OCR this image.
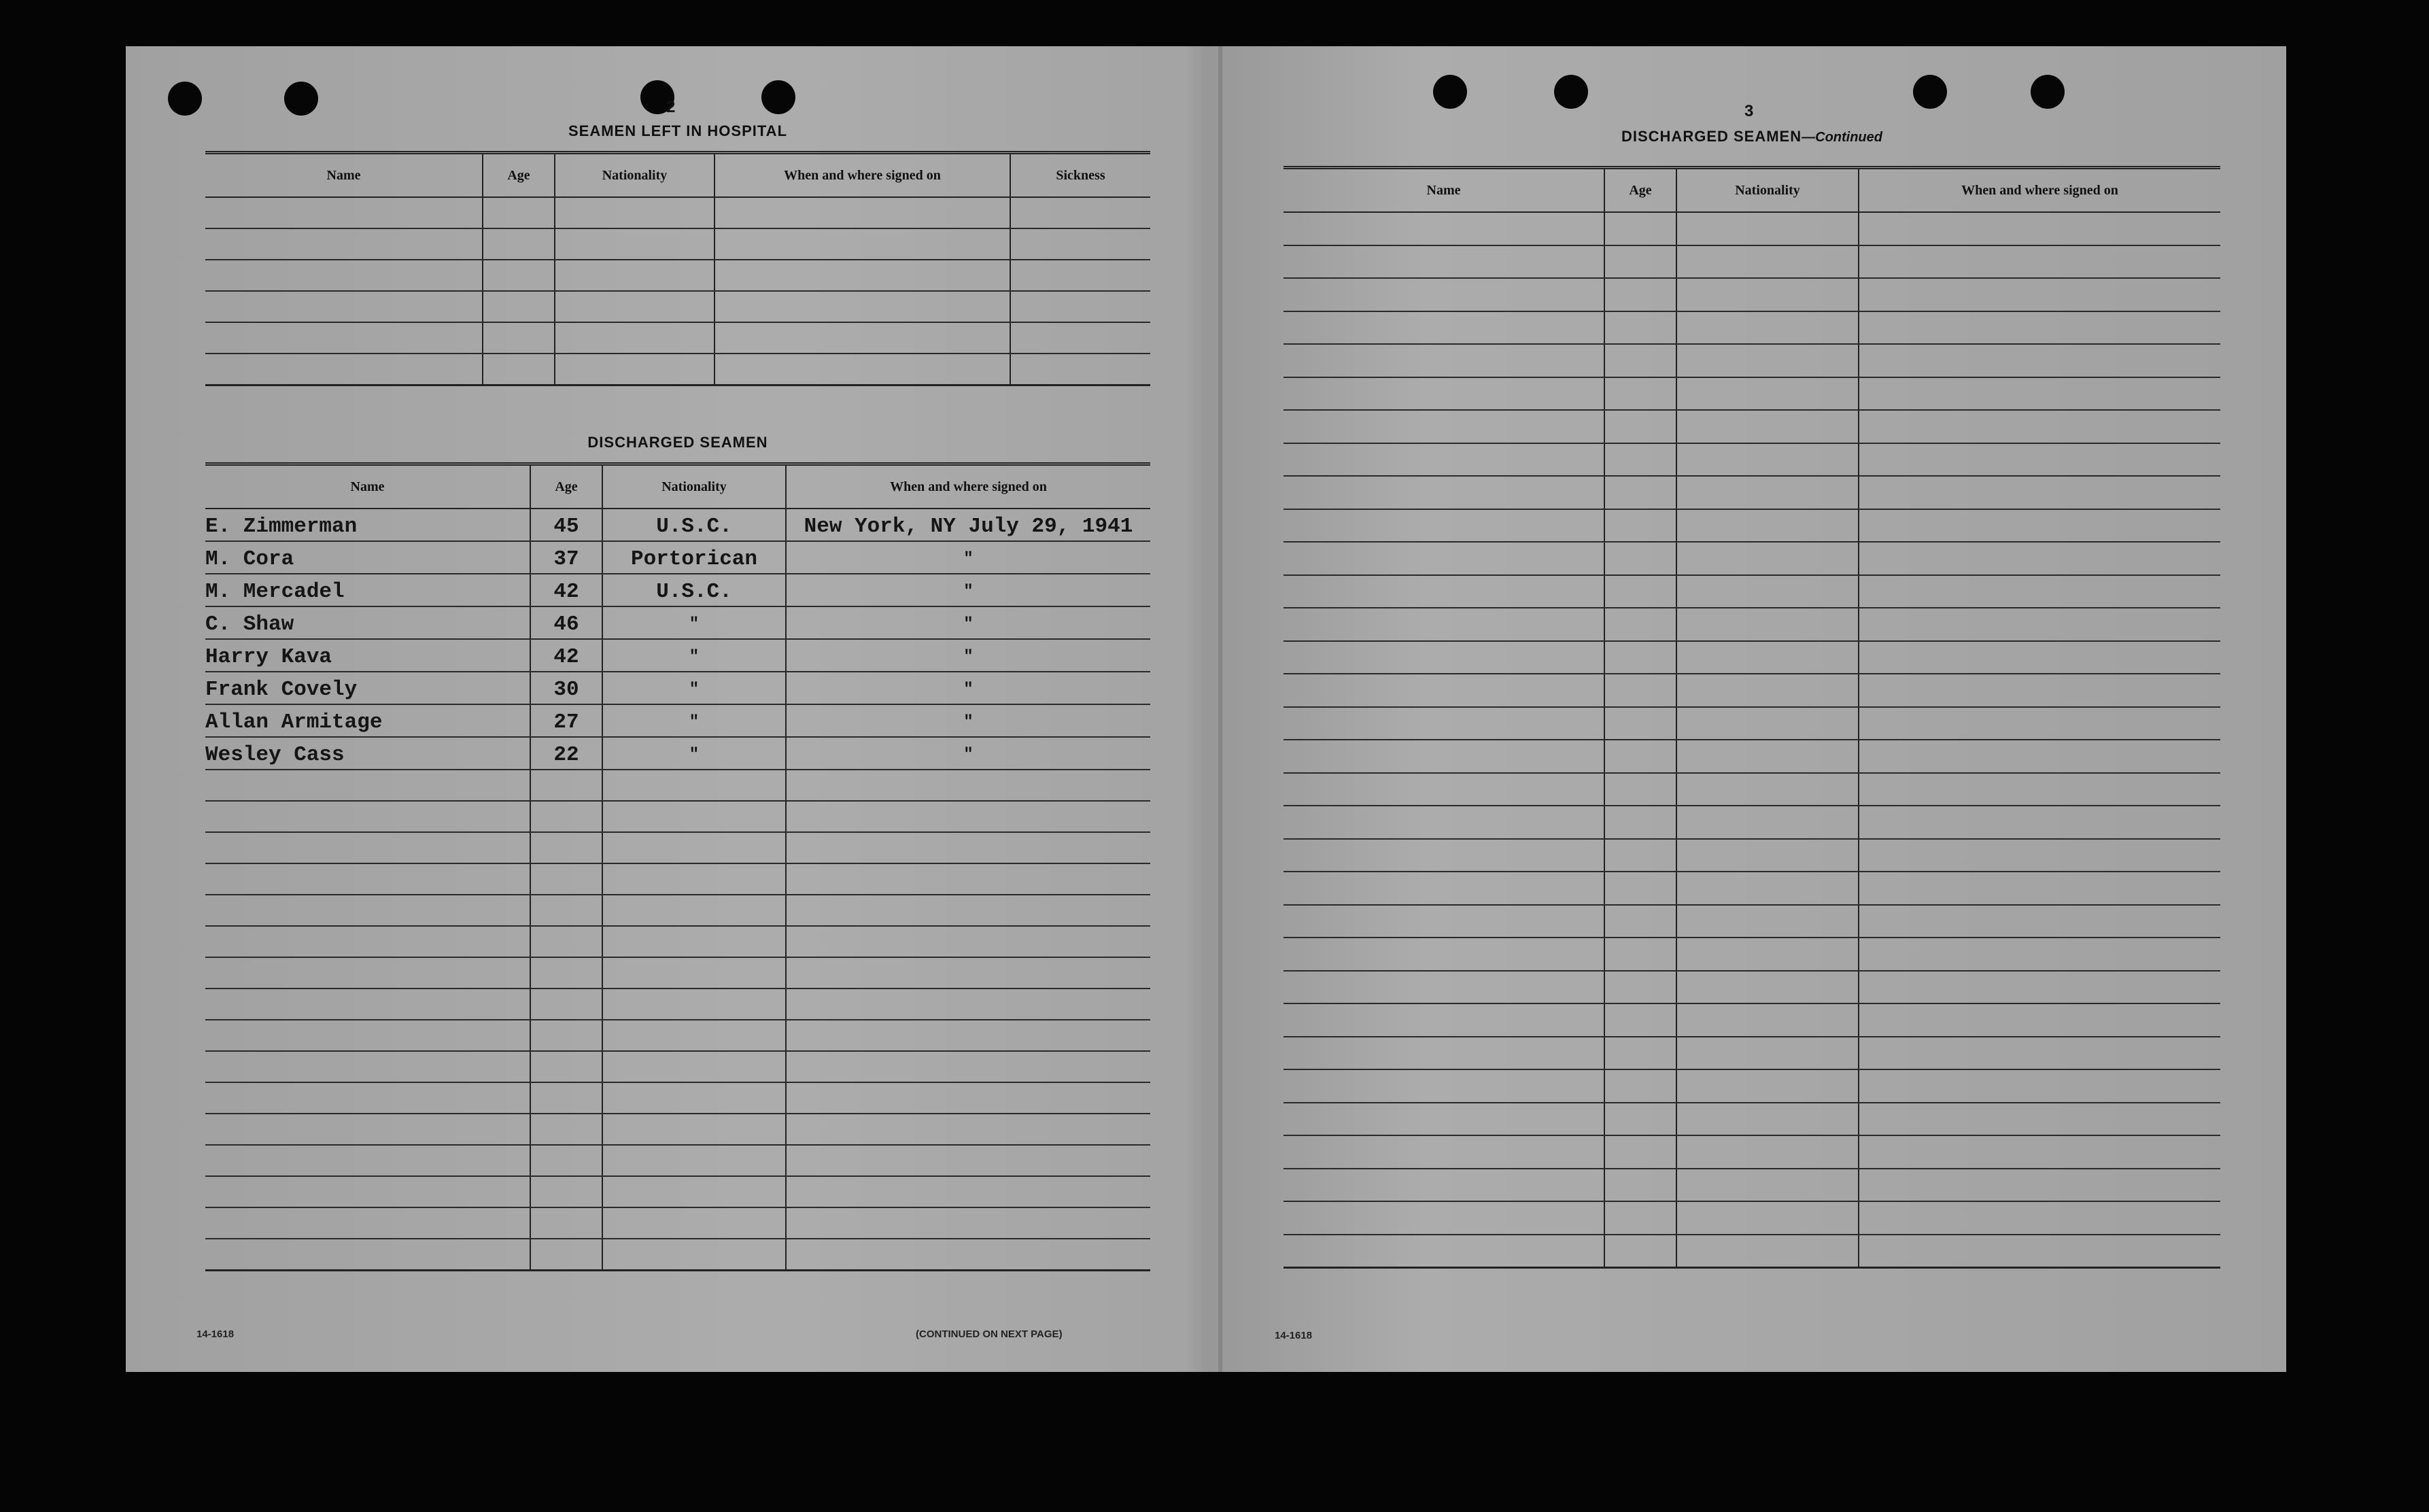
2
SEAMEN LEFT IN HOSPITAL
Name	Age	Nationality	When and where signed on	Sickness

DISCHARGED SEAMEN
Name	Age	Nationality	When and where signed on
E. Zimmerman	45	U.S.C.	New York, NY July 29, 1941
M. Cora	37	Portorican	"
M. Mercadel	42	U.S.C.	"
C. Shaw	46	"	"
Harry Kava	42	"	"
Frank Covely	30	"	"
Allan Armitage	27	"	"
Wesley Cass	22	"	"

14-1618	(CONTINUED ON NEXT PAGE)
3
DISCHARGED SEAMEN—Continued
Name	Age	Nationality	When and where signed on

14-1618
